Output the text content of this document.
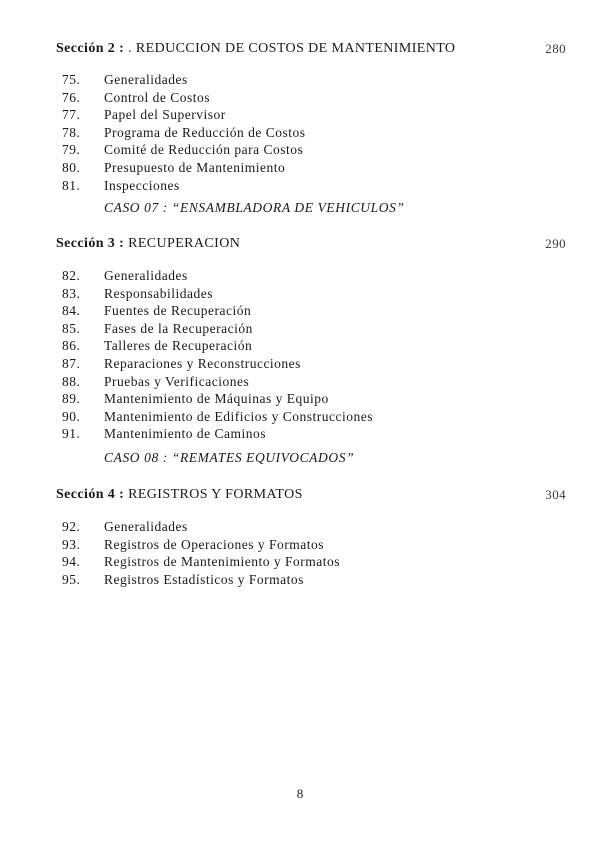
Sección 2 : . REDUCCION DE COSTOS DE MANTENIMIENTO	280
75. Generalidades
76. Control de Costos
77. Papel del Supervisor
78. Programa de Reducción de Costos
79. Comité de Reducción para Costos
80. Presupuesto de Mantenimiento
81. Inspecciones
CASO 07 : “ENSAMBLADORA DE VEHICULOS”
Sección 3 : RECUPERACION	290
82. Generalidades
83. Responsabilidades
84. Fuentes de Recuperación
85. Fases de la Recuperación
86. Talleres de Recuperación
87. Reparaciones y Reconstrucciones
88. Pruebas y Verificaciones
89. Mantenimiento de Máquinas y Equipo
90. Mantenimiento de Edificios y Construcciones
91. Mantenimiento de Caminos
CASO 08 : “REMATES EQUIVOCADOS”
Sección 4 : REGISTROS Y FORMATOS	304
92. Generalidades
93. Registros de Operaciones y Formatos
94. Registros de Mantenimiento y Formatos
95. Registros Estadísticos y Formatos
8
